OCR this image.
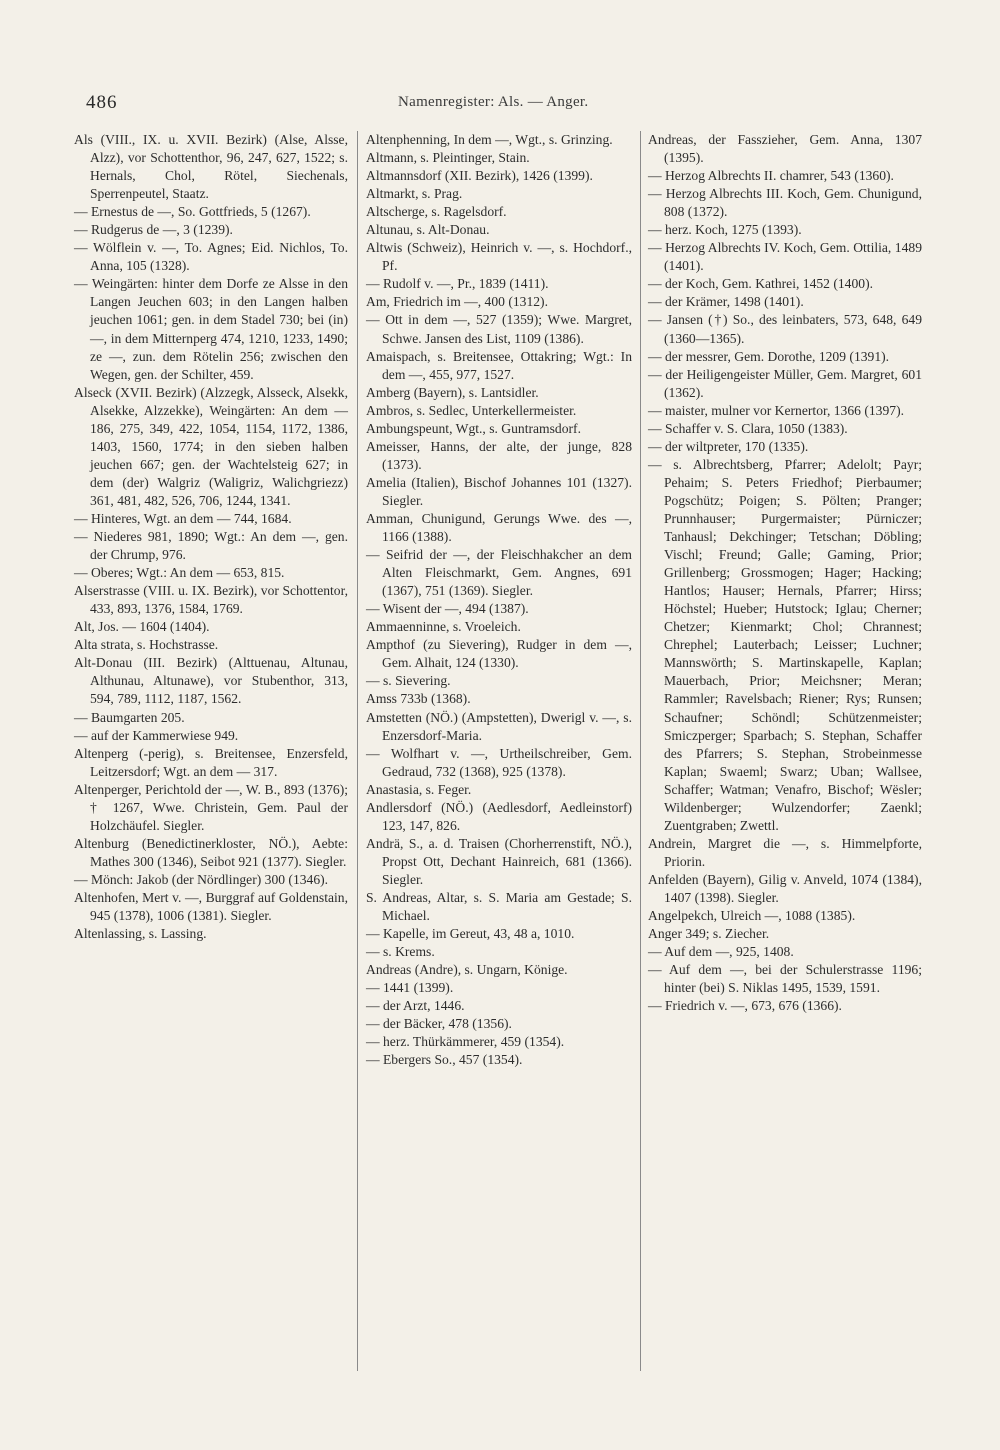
486	Namenregister: Als. — Anger.

Als (VIII., IX. u. XVII. Bezirk) (Alse, Alsse, Alzz), vor Schottenthor, 96, 247, 627, 1522; s. Hernals, Chol, Rötel, Siechenals, Sperrenpeutel, Staatz.

— Ernestus de —, So. Gottfrieds, 5 (1267).

— Rudgerus de —, 3 (1239).

— Wölflein v. —, To. Agnes; Eid. Nichlos, To. Anna, 105 (1328).

— Weingärten: hinter dem Dorfe ze Alsse in den Langen Jeuchen 603; in den Langen halben jeuchen 1061; gen. in dem Stadel 730; bei (in) —, in dem Mitternperg 474, 1210, 1233, 1490; ze —, zun. dem Rötelin 256; zwischen den Wegen, gen. der Schilter, 459.

Alseck (XVII. Bezirk) (Alzzegk, Alsseck, Alsekk, Alsekke, Alzzekke), Weingärten: An dem — 186, 275, 349, 422, 1054, 1154, 1172, 1386, 1403, 1560, 1774; in den sieben halben jeuchen 667; gen. der Wachtelsteig 627; in dem (der) Walgriz (Waligriz, Walichgriezz) 361, 481, 482, 526, 706, 1244, 1341.

— Hinteres, Wgt. an dem — 744, 1684.

— Niederes 981, 1890; Wgt.: An dem —, gen. der Chrump, 976.

— Oberes; Wgt.: An dem — 653, 815.

Alserstrasse (VIII. u. IX. Bezirk), vor Schottentor, 433, 893, 1376, 1584, 1769.

Alt, Jos. — 1604 (1404).

Alta strata, s. Hochstrasse.

Alt-Donau (III. Bezirk) (Alttuenau, Altunau, Althunau, Altunawe), vor Stubenthor, 313, 594, 789, 1112, 1187, 1562.

— Baumgarten 205.

— auf der Kammerwiese 949.

Altenperg (-perig), s. Breitensee, Enzersfeld, Leitzersdorf; Wgt. an dem — 317.

Altenperger, Perichtold der —, W. B., 893 (1376); † 1267, Wwe. Christein, Gem. Paul der Holzchäufel. Siegler.

Altenburg (Benedictinerkloster, NÖ.), Aebte: Mathes 300 (1346), Seibot 921 (1377). Siegler.

— Mönch: Jakob (der Nördlinger) 300 (1346).

Altenhofen, Mert v. —, Burggraf auf Goldenstain, 945 (1378), 1006 (1381). Siegler.

Altenlassing, s. Lassing.

Altenphenning, In dem —, Wgt., s. Grinzing.

Altmann, s. Pleintinger, Stain.

Altmannsdorf (XII. Bezirk), 1426 (1399).

Altmarkt, s. Prag.

Altscherge, s. Ragelsdorf.

Altunau, s. Alt-Donau.

Altwis (Schweiz), Heinrich v. —, s. Hochdorf., Pf.

— Rudolf v. —, Pr., 1839 (1411).

Am, Friedrich im —, 400 (1312).

— Ott in dem —, 527 (1359); Wwe. Margret, Schwe. Jansen des List, 1109 (1386).

Amaispach, s. Breitensee, Ottakring; Wgt.: In dem —, 455, 977, 1527.

Amberg (Bayern), s. Lantsidler.

Ambros, s. Sedlec, Unterkellermeister.

Ambungspeunt, Wgt., s. Guntramsdorf.

Ameisser, Hanns, der alte, der junge, 828 (1373).

Amelia (Italien), Bischof Johannes 101 (1327). Siegler.

Amman, Chunigund, Gerungs Wwe. des —, 1166 (1388).

— Seifrid der —, der Fleischhakcher an dem Alten Fleischmarkt, Gem. Angnes, 691 (1367), 751 (1369). Siegler.

— Wisent der —, 494 (1387).

Ammaenninne, s. Vroeleich.

Ampthof (zu Sievering), Rudger in dem —, Gem. Alhait, 124 (1330).

— s. Sievering.

Amss 733b (1368).

Amstetten (NÖ.) (Ampstetten), Dwerigl v. —, s. Enzersdorf-Maria.

— Wolfhart v. —, Urtheilschreiber, Gem. Gedraud, 732 (1368), 925 (1378).

Anastasia, s. Feger.

Andlersdorf (NÖ.) (Aedlesdorf, Aedleinstorf) 123, 147, 826.

Andrä, S., a. d. Traisen (Chorherrenstift, NÖ.), Propst Ott, Dechant Hainreich, 681 (1366). Siegler.

S. Andreas, Altar, s. S. Maria am Gestade; S. Michael.

— Kapelle, im Gereut, 43, 48 a, 1010.

— s. Krems.

Andreas (Andre), s. Ungarn, Könige.

— 1441 (1399).

— der Arzt, 1446.

— der Bäcker, 478 (1356).

— herz. Thürkämmerer, 459 (1354).

— Ebergers So., 457 (1354).

Andreas, der Fasszieher, Gem. Anna, 1307 (1395).

— Herzog Albrechts II. chamrer, 543 (1360).

— Herzog Albrechts III. Koch, Gem. Chunigund, 808 (1372).

— herz. Koch, 1275 (1393).

— Herzog Albrechts IV. Koch, Gem. Ottilia, 1489 (1401).

— der Koch, Gem. Kathrei, 1452 (1400).

— der Krämer, 1498 (1401).

— Jansen (†) So., des leinbaters, 573, 648, 649 (1360—1365).

— der messrer, Gem. Dorothe, 1209 (1391).

— der Heiligengeister Müller, Gem. Margret, 601 (1362).

— maister, mulner vor Kernertor, 1366 (1397).

— Schaffer v. S. Clara, 1050 (1383).

— der wiltpreter, 170 (1335).

— s. Albrechtsberg, Pfarrer; Adelolt; Payr; Pehaim; S. Peters Friedhof; Pierbaumer; Pogschütz; Poigen; S. Pölten; Pranger; Prunnhauser; Purgermaister; Pürniczer; Tanhausl; Dekchinger; Tetschan; Döbling; Vischl; Freund; Galle; Gaming, Prior; Grillenberg; Grossmogen; Hager; Hacking; Hantlos; Hauser; Hernals, Pfarrer; Hirss; Höchstel; Hueber; Hutstock; Iglau; Cherner; Chetzer; Kienmarkt; Chol; Chrannest; Chrephel; Lauterbach; Leisser; Luchner; Mannswörth; S. Martinskapelle, Kaplan; Mauerbach, Prior; Meichsner; Meran; Rammler; Ravelsbach; Riener; Rys; Runsen; Schaufner; Schöndl; Schützenmeister; Smiczperger; Sparbach; S. Stephan, Schaffer des Pfarrers; S. Stephan, Strobeinmesse Kaplan; Swaeml; Swarz; Uban; Wallsee, Schaffer; Watman; Venafro, Bischof; Wësler; Wildenberger; Wulzendorfer; Zaenkl; Zuentgraben; Zwettl.

Andrein, Margret die —, s. Himmelpforte, Priorin.

Anfelden (Bayern), Gilig v. Anveld, 1074 (1384), 1407 (1398). Siegler.

Angelpekch, Ulreich —, 1088 (1385).

Anger 349; s. Ziecher.

— Auf dem —, 925, 1408.

— Auf dem —, bei der Schulerstrasse 1196; hinter (bei) S. Niklas 1495, 1539, 1591.

— Friedrich v. —, 673, 676 (1366).
